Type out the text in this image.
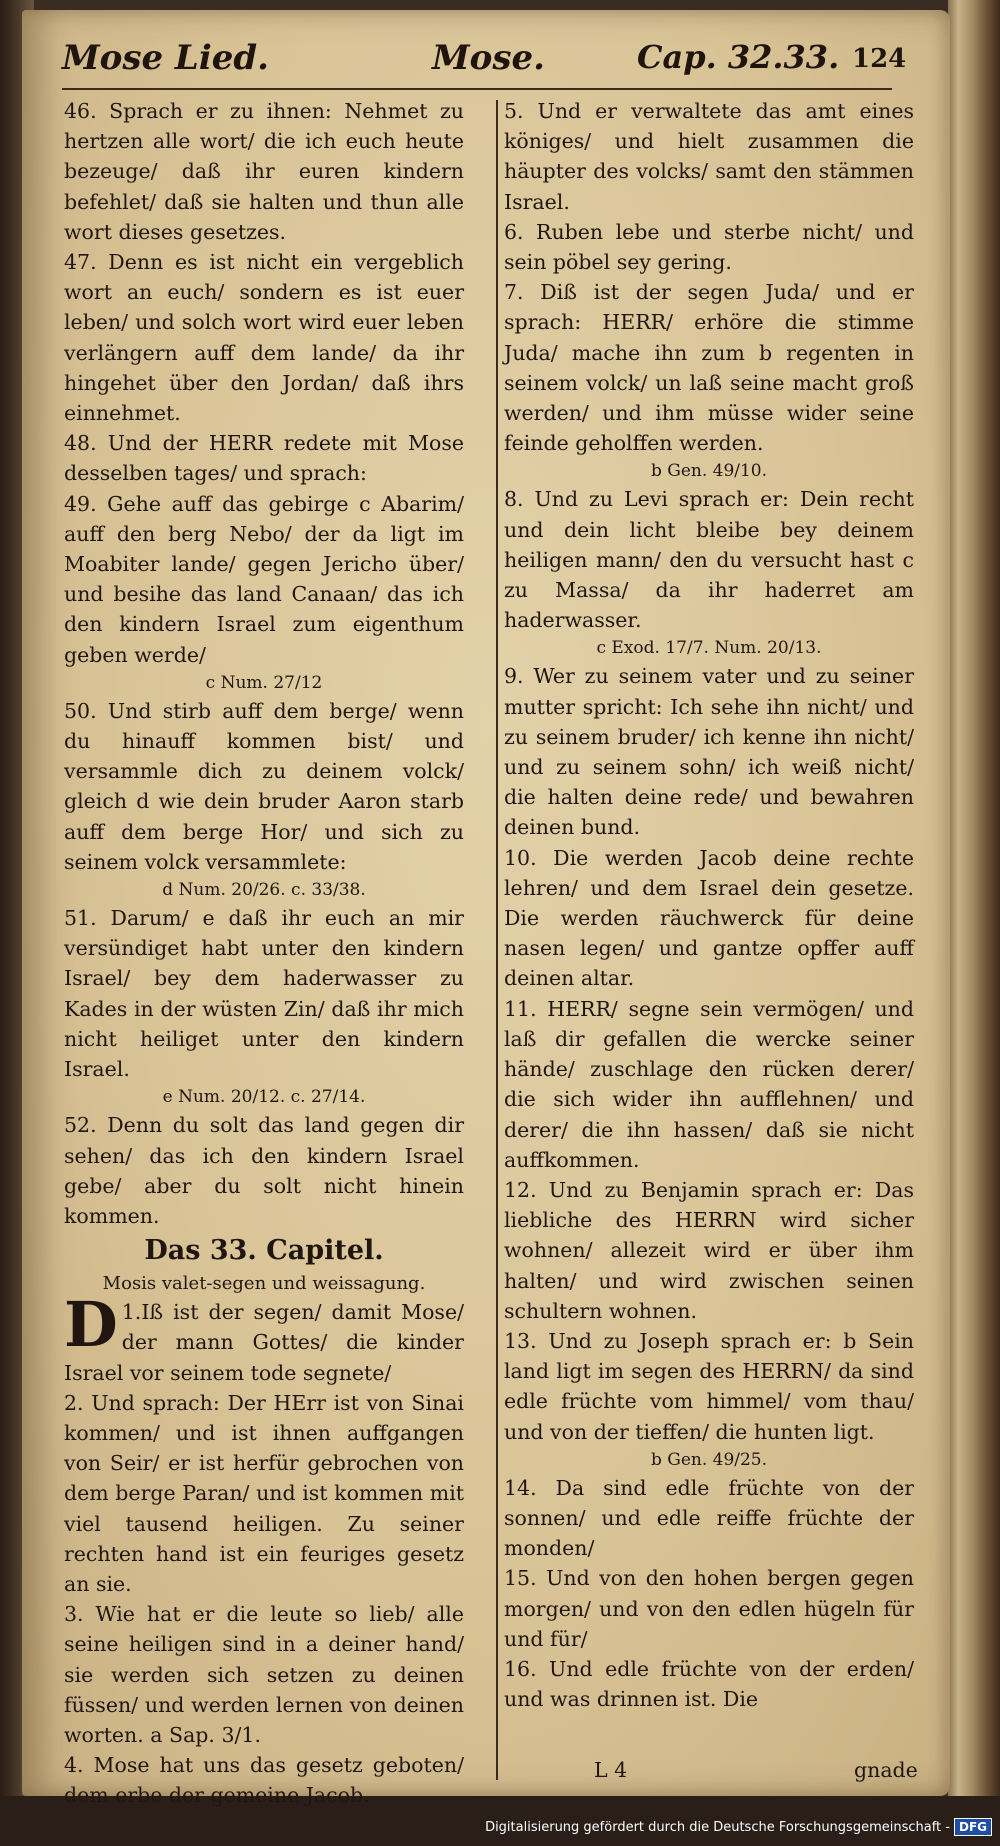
Mose Lied.	Mose.	Cap. 32.33. 124

46. Sprach er zu ihnen: Nehmet zu hertzen alle wort/ die ich euch heute bezeuge/ daß ihr euren kindern befehlet/ daß sie halten und thun alle wort dieses gesetzes.

47. Denn es ist nicht ein vergeblich wort an euch/ sondern es ist euer leben/ und solch wort wird euer leben verlängern auff dem lande/ da ihr hingehet über den Jordan/ daß ihrs einnehmet.

48. Und der HERR redete mit Mose desselben tages/ und sprach:

49. Gehe auff das gebirge c Abarim/ auff den berg Nebo/ der da ligt im Moabiter lande/ gegen Jericho über/ und besihe das land Canaan/ das ich den kindern Israel zum eigenthum geben werde/

c Num. 27/12

50. Und stirb auff dem berge/ wenn du hinauff kommen bist/ und versammle dich zu deinem volck/ gleich d wie dein bruder Aaron starb auff dem berge Hor/ und sich zu seinem volck versammlete:

d Num. 20/26. c. 33/38.

51. Darum/ e daß ihr euch an mir versündiget habt unter den kindern Israel/ bey dem haderwasser zu Kades in der wüsten Zin/ daß ihr mich nicht heiliget unter den kindern Israel.

e Num. 20/12. c. 27/14.

52. Denn du solt das land gegen dir sehen/ das ich den kindern Israel gebe/ aber du solt nicht hinein kommen.

Das 33. Capitel.

Mosis valet-segen und weissagung.

1.
D Iß ist der segen/ damit Mose/ der mann Gottes/ die kinder Israel vor seinem tode segnete/

2. Und sprach: Der HErr ist von Sinai kommen/ und ist ihnen auffgangen von Seir/ er ist herfür gebrochen von dem berge Paran/ und ist kommen mit viel tausend heiligen. Zu seiner rechten hand ist ein feuriges gesetz an sie.

3. Wie hat er die leute so lieb/ alle seine heiligen sind in a deiner hand/ sie werden sich setzen zu deinen füssen/ und werden lernen von deinen worten. a Sap. 3/1.

4. Mose hat uns das gesetz geboten/ dem erbe der gemeine Jacob.

5. Und er verwaltete das amt eines königes/ und hielt zusammen die häupter des volcks/ samt den stämmen Israel.

6. Ruben lebe und sterbe nicht/ und sein pöbel sey gering.

7. Diß ist der segen Juda/ und er sprach: HERR/ erhöre die stimme Juda/ mache ihn zum b regenten in seinem volck/ un laß seine macht groß werden/ und ihm müsse wider seine feinde geholffen werden.

b Gen. 49/10.

8. Und zu Levi sprach er: Dein recht und dein licht bleibe bey deinem heiligen mann/ den du versucht hast c zu Massa/ da ihr haderret am haderwasser.

c Exod. 17/7. Num. 20/13.

9. Wer zu seinem vater und zu seiner mutter spricht: Ich sehe ihn nicht/ und zu seinem bruder/ ich kenne ihn nicht/ und zu seinem sohn/ ich weiß nicht/ die halten deine rede/ und bewahren deinen bund.

10. Die werden Jacob deine rechte lehren/ und dem Israel dein gesetze. Die werden räuchwerck für deine nasen legen/ und gantze opffer auff deinen altar.

11. HERR/ segne sein vermögen/ und laß dir gefallen die wercke seiner hände/ zuschlage den rücken derer/ die sich wider ihn aufflehnen/ und derer/ die ihn hassen/ daß sie nicht auffkommen.

12. Und zu Benjamin sprach er: Das liebliche des HERRN wird sicher wohnen/ allezeit wird er über ihm halten/ und wird zwischen seinen schultern wohnen.

13. Und zu Joseph sprach er: b Sein land ligt im segen des HERRN/ da sind edle früchte vom himmel/ vom thau/ und von der tieffen/ die hunten ligt.

b Gen. 49/25.

14. Da sind edle früchte von der sonnen/ und edle reiffe früchte der monden/

15. Und von den hohen bergen gegen morgen/ und von den edlen hügeln für und für/

16. Und edle früchte von der erden/ und was drinnen ist. Die

L 4	gnade
Digitalisierung gefördert durch die Deutsche Forschungsgemeinschaft - DFG
